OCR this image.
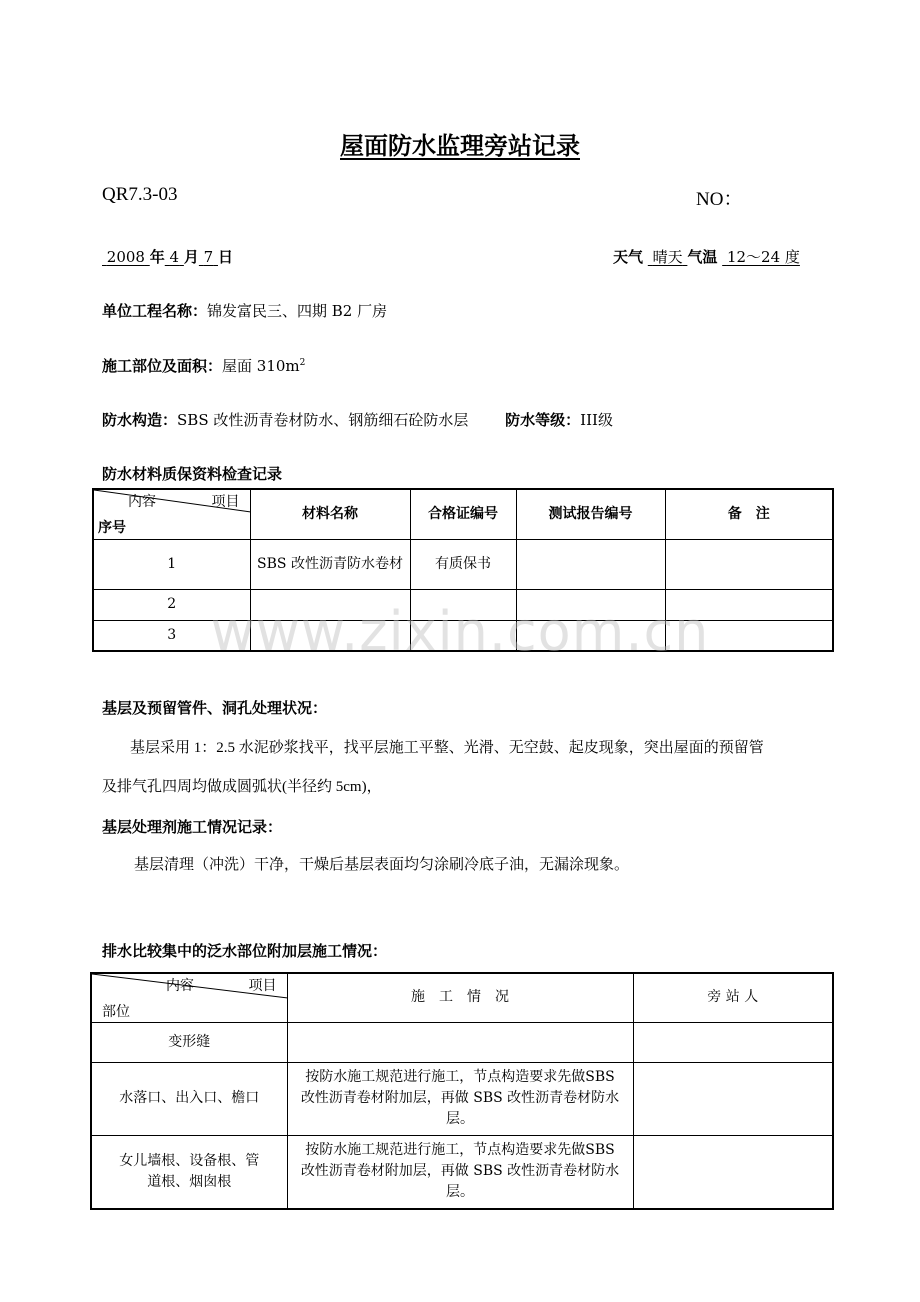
屋面防水监理旁站记录
QR7.3-03	NO：
2008 年 4 月 7 日	天气 晴天 气温 12～24 度
单位工程名称：锦发富民三、四期 B2 厂房
施工部位及面积：屋面 $310m^2$
防水构造：SBS 改性沥青卷材防水、钢筋细石砼防水层 防水等级：III级
防水材料质保资料检查记录
内容 项目
序号	材料名称	合格证编号	测试报告编号	备　注
1	SBS 改性沥青防水卷材	有质保书		
2				
3				www.zixin.com.cn
基层及预留管件、洞孔处理状况：
基层采用 1：2.5 水泥砂浆找平，找平层施工平整、光滑、无空鼓、起皮现象，突出屋面的预留管
及排气孔四周均做成圆弧状(半径约 5cm)，
基层处理剂施工情况记录：
基层清理（冲洗）干净，干燥后基层表面均匀涂刷冷底子油，无漏涂现象。
排水比较集中的泛水部位附加层施工情况：
内容 项目
部位	施　工　情　况	旁 站 人
变形缝		
水落口、出入口、檐口	按防水施工规范进行施工，节点构造要求先做SBS 改性沥青卷材附加层，再做 SBS 改性沥青卷材防水层。	
女儿墙根、设备根、管道根、烟囱根	按防水施工规范进行施工，节点构造要求先做SBS 改性沥青卷材附加层，再做 SBS 改性沥青卷材防水层。	
